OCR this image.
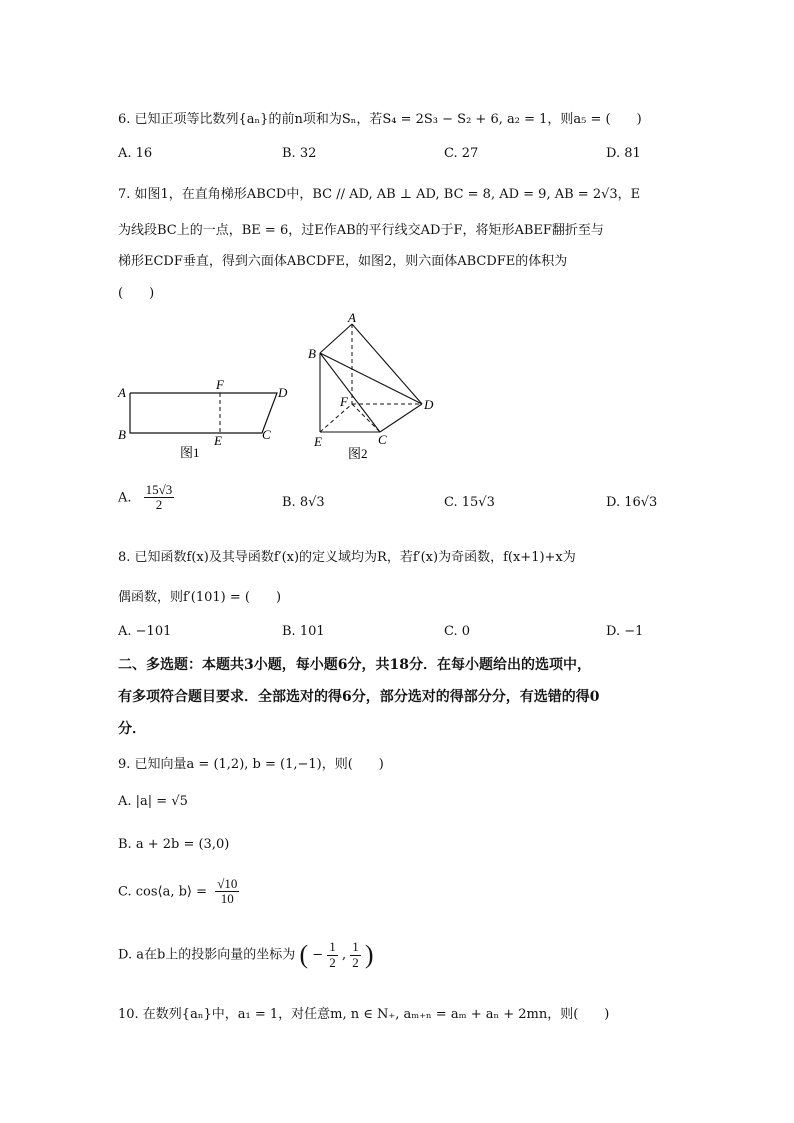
6. 已知正项等比数列{aₙ}的前n项和为Sₙ，若S₄ = 2S₃ − S₂ + 6, a₂ = 1，则a₅ = (　　)
A. 16	B. 32	C. 27	D. 81
7. 如图1，在直角梯形ABCD中，BC // AD, AB ⊥ AD, BC = 8, AD = 9, AB = 2√3，E
为线段BC上的一点，BE = 6，过E作AB的平行线交AD于F，将矩形ABEF翻折至与
梯形ECDF垂直，得到六面体ABCDFE，如图2，则六面体ABCDFE的体积为
(　　)
A
F
D
B	E	C
图1
A
B
F	D
E	C
图2
A. $\frac{15√3}{2}$	B. 8√3	C. 15√3	D. 16√3
8. 已知函数f(x)及其导函数f′(x)的定义域均为R，若f′(x)为奇函数，f(x+1)+x为
偶函数，则f′(101) = (　　)
A. −101	B. 101	C. 0	D. −1
二、多选题：本题共3小题，每小题6分，共18分．在每小题给出的选项中，
有多项符合题目要求．全部选对的得6分，部分选对的得部分分，有选错的得0
分．
9. 已知向量a = (1,2), b = (1,−1)，则(　　)
A. |a| = √5
B. a + 2b = (3,0)
C. cos⟨a, b⟩ = $\frac{√10}{10}$
D. a在b上的投影向量的坐标为 ( − $\frac{1}{2}$ , $\frac{1}{2}$ )
10. 在数列{aₙ}中，a₁ = 1，对任意m, n ∈ N₊, aₘ₊ₙ = aₘ + aₙ + 2mn，则(　　)
